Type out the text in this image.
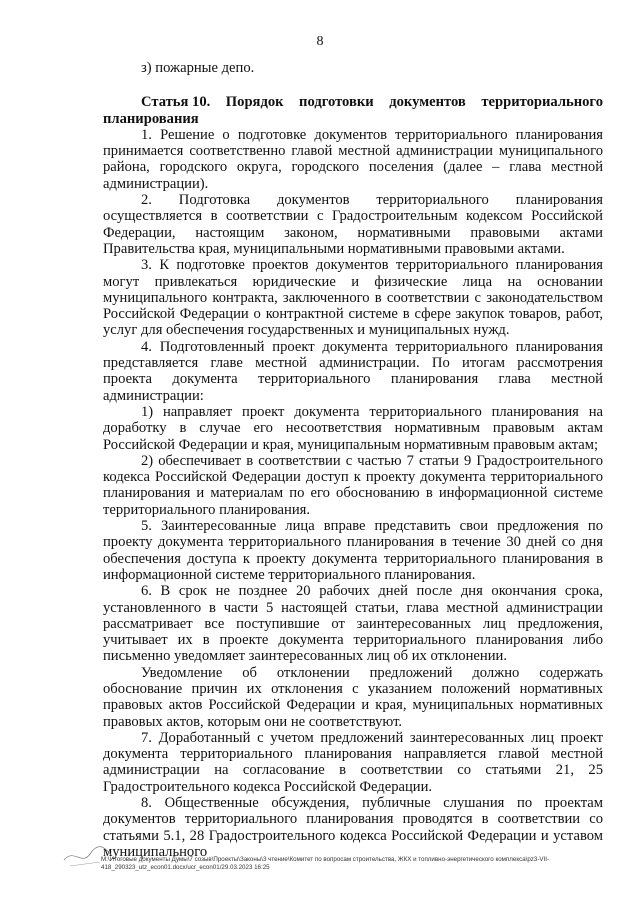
8

з) пожарные депо.

Статья 10. Порядок подготовки документов территориального
планирования

1. Решение о подготовке документов территориального планирования принимается соответственно главой местной администрации муниципального района, городского округа, городского поселения (далее – глава местной администрации).

2. Подготовка документов территориального планирования осуществляется в соответствии с Градостроительным кодексом Российской Федерации, настоящим законом, нормативными правовыми актами Правительства края, муниципальными нормативными правовыми актами.

3. К подготовке проектов документов территориального планирования могут привлекаться юридические и физические лица на основании муниципального контракта, заключенного в соответствии с законодательством Российской Федерации о контрактной системе в сфере закупок товаров, работ, услуг для обеспечения государственных и муниципальных нужд.

4. Подготовленный проект документа территориального планирования представляется главе местной администрации. По итогам рассмотрения проекта документа территориального планирования глава местной администрации:

1) направляет проект документа территориального планирования на доработку в случае его несоответствия нормативным правовым актам Российской Федерации и края, муниципальным нормативным правовым актам;

2) обеспечивает в соответствии с частью 7 статьи 9 Градостроительного кодекса Российской Федерации доступ к проекту документа территориального планирования и материалам по его обоснованию в информационной системе территориального планирования.

5. Заинтересованные лица вправе представить свои предложения по проекту документа территориального планирования в течение 30 дней со дня обеспечения доступа к проекту документа территориального планирования в информационной системе территориального планирования.

6. В срок не позднее 20 рабочих дней после дня окончания срока, установленного в части 5 настоящей статьи, глава местной администрации рассматривает все поступившие от заинтересованных лиц предложения, учитывает их в проекте документа территориального планирования либо письменно уведомляет заинтересованных лиц об их отклонении.

Уведомление об отклонении предложений должно содержать обоснование причин их отклонения с указанием положений нормативных правовых актов Российской Федерации и края, муниципальных нормативных правовых актов, которым они не соответствуют.

7. Доработанный с учетом предложений заинтересованных лиц проект документа территориального планирования направляется главой местной администрации на согласование в соответствии со статьями 21, 25 Градостроительного кодекса Российской Федерации.

8. Общественные обсуждения, публичные слушания по проектам документов территориального планирования проводятся в соответствии со статьями 5.1, 28 Градостроительного кодекса Российской Федерации и уставом муниципального

M:\Итоговые документы Думы\7 созыв\Проекты\Законы\3 чтение\Комитет по вопросам строительства, ЖКХ и топливно-энергетического комплекса\pz3-VII-418_290323_utz_econ01.docx/ucr_econ01/29.03.2023 16:25
